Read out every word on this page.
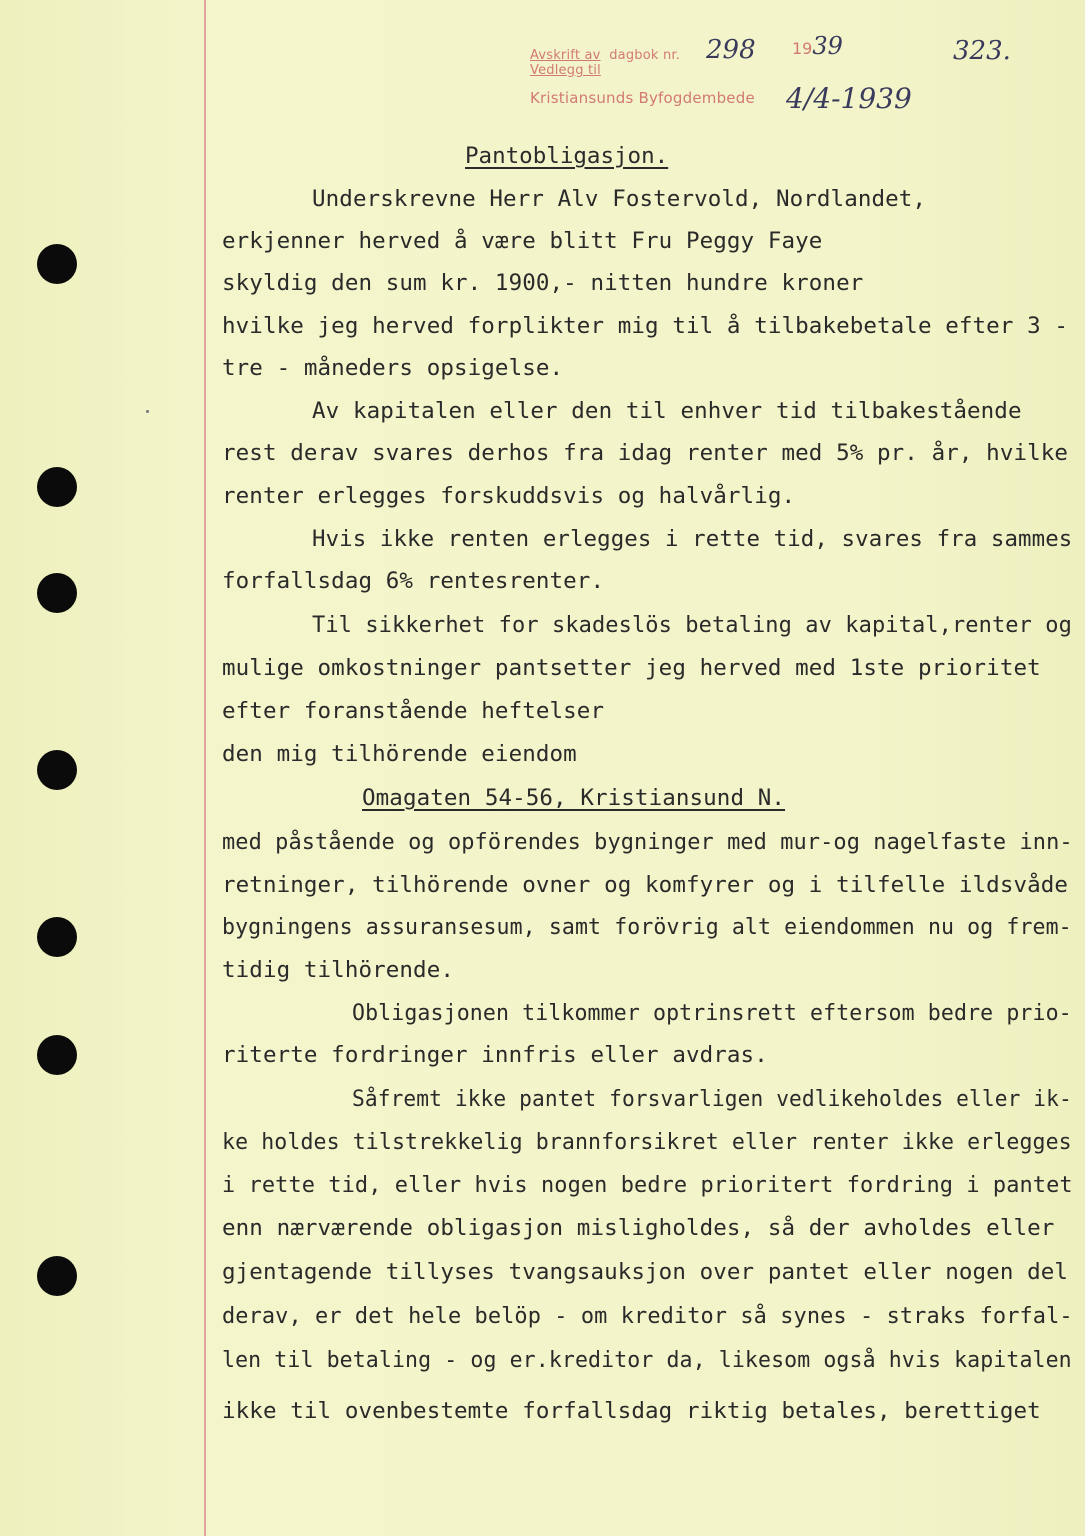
Avskrift av dagbok nr.
Vedlegg til
Kristiansunds Byfogdembede
298 1939
4/4-1939
323.
Pantobligasjon.
Underskrevne Herr Alv Fostervold, Nordlandet,
erkjenner herved å være blitt Fru Peggy Faye
skyldig den sum kr. 1900,- nitten hundre kroner
hvilke jeg herved forplikter mig til å tilbakebetale efter 3 -
tre - måneders opsigelse.
Av kapitalen eller den til enhver tid tilbakestående
rest derav svares derhos fra idag renter med 5% pr. år, hvilke
renter erlegges forskuddsvis og halvårlig.
Hvis ikke renten erlegges i rette tid, svares fra sammes
forfallsdag 6% rentesrenter.
Til sikkerhet for skadeslös betaling av kapital,renter og
mulige omkostninger pantsetter jeg herved med 1ste prioritet
efter foranstående heftelser
den mig tilhörende eiendom
Omagaten 54-56, Kristiansund N.
med påstående og opförendes bygninger med mur-og nagelfaste inn-
retninger, tilhörende ovner og komfyrer og i tilfelle ildsvåde
bygningens assuransesum, samt forövrig alt eiendommen nu og frem-
tidig tilhörende.
Obligasjonen tilkommer optrinsrett eftersom bedre prio-
riterte fordringer innfris eller avdras.
Såfremt ikke pantet forsvarligen vedlikeholdes eller ik-
ke holdes tilstrekkelig brannforsikret eller renter ikke erlegges
i rette tid, eller hvis nogen bedre prioritert fordring i pantet
enn nærværende obligasjon misligholdes, så der avholdes eller
gjentagende tillyses tvangsauksjon over pantet eller nogen del
derav, er det hele belöp - om kreditor så synes - straks forfal-
len til betaling - og er.kreditor da, likesom også hvis kapitalen
ikke til ovenbestemte forfallsdag riktig betales, berettiget
